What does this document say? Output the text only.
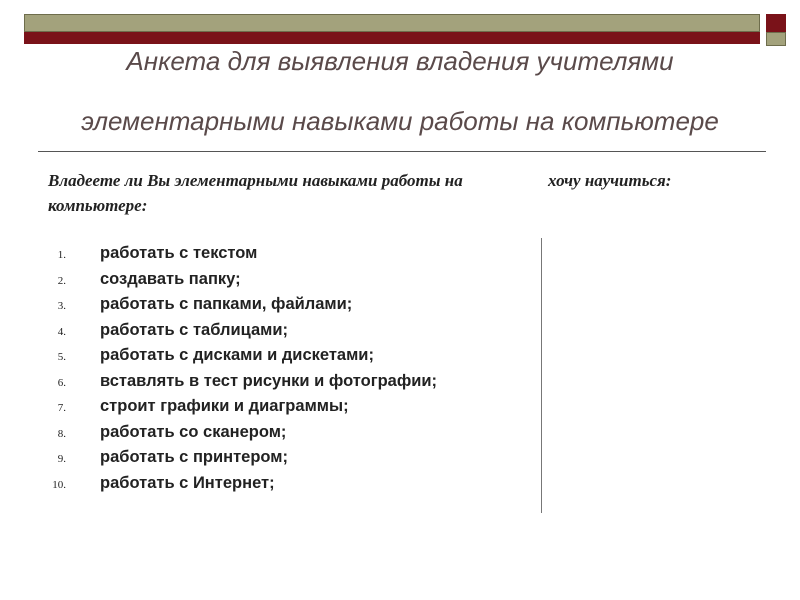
Анкета для выявления владения учителями
элементарными навыками работы на компьютере
Владеете ли Вы элементарными навыками работы на компьютере:
хочу научиться:
1.	работать с текстом
2.	создавать папку;
3.	работать с папками, файлами;
4.	работать с таблицами;
5.	работать с дисками и дискетами;
6.	вставлять в тест рисунки и фотографии;
7.	строит графики и диаграммы;
8.	работать со сканером;
9.	работать с принтером;
10.	работать с Интернет;
